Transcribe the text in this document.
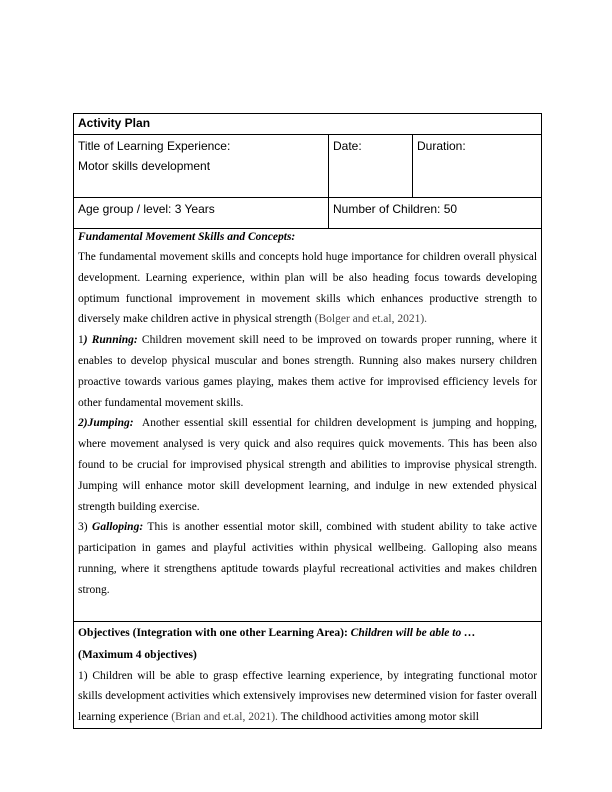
Activity Plan		

Title of Learning Experience:
Motor skills development	Date:	Duration:

Age group / level: 3 Years	Number of Children: 50	

Fundamental Movement Skills and Concepts:

The fundamental movement skills and concepts hold huge importance for children overall physical development. Learning experience, within plan will be also heading focus towards developing optimum functional improvement in movement skills which enhances productive strength to diversely make children active in physical strength (Bolger and et.al, 2021).

1) Running: Children movement skill need to be improved on towards proper running, where it enables to develop physical muscular and bones strength. Running also makes nursery children proactive towards various games playing, makes them active for improvised efficiency levels for other fundamental movement skills.

2)Jumping: Another essential skill essential for children development is jumping and hopping, where movement analysed is very quick and also requires quick movements. This has been also found to be crucial for improvised physical strength and abilities to improvise physical strength. Jumping will enhance motor skill development learning, and indulge in new extended physical strength building exercise.

3) Galloping: This is another essential motor skill, combined with student ability to take active participation in games and playful activities within physical wellbeing. Galloping also means running, where it strengthens aptitude towards playful recreational activities and makes children strong.		

Objectives (Integration with one other Learning Area): Children will be able to …

(Maximum 4 objectives)

1) Children will be able to grasp effective learning experience, by integrating functional motor skills development activities which extensively improvises new determined vision for faster overall learning experience (Brian and et.al, 2021). The childhood activities among motor skill		
